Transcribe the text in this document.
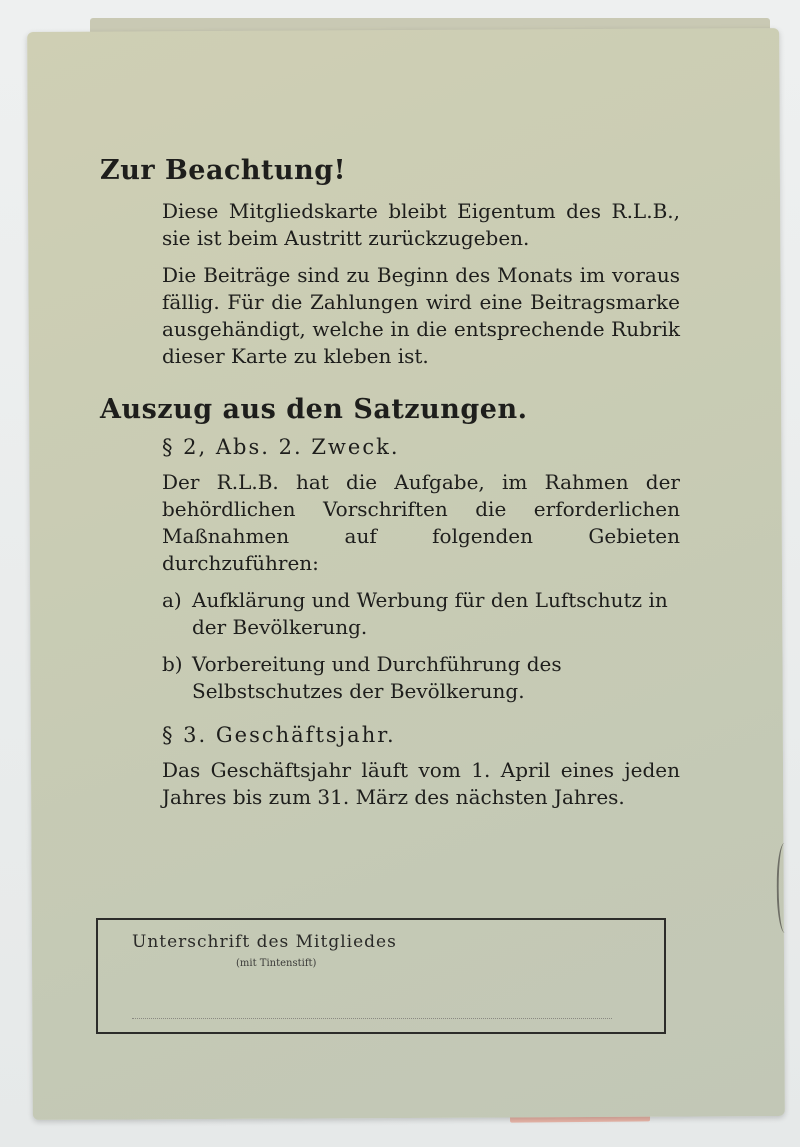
Zur Beachtung!

Diese Mitgliedskarte bleibt Eigentum des R.L.B., sie ist beim Austritt zurückzugeben.

Die Beiträge sind zu Beginn des Monats im voraus fällig. Für die Zahlungen wird eine Beitragsmarke ausgehändigt, welche in die entsprechende Rubrik dieser Karte zu kleben ist.

Auszug aus den Satzungen.
§ 2, Abs. 2. Zweck.

Der R.L.B. hat die Aufgabe, im Rahmen der behördlichen Vorschriften die erforderlichen Maßnahmen auf folgenden Gebieten durchzuführen:

a) Aufklärung und Werbung für den Luftschutz in der Bevölkerung.
b) Vorbereitung und Durchführung des Selbstschutzes der Bevölkerung.
§ 3. Geschäftsjahr.

Das Geschäftsjahr läuft vom 1. April eines jeden Jahres bis zum 31. März des nächsten Jahres.

Unterschrift des Mitgliedes
(mit Tintenstift)
